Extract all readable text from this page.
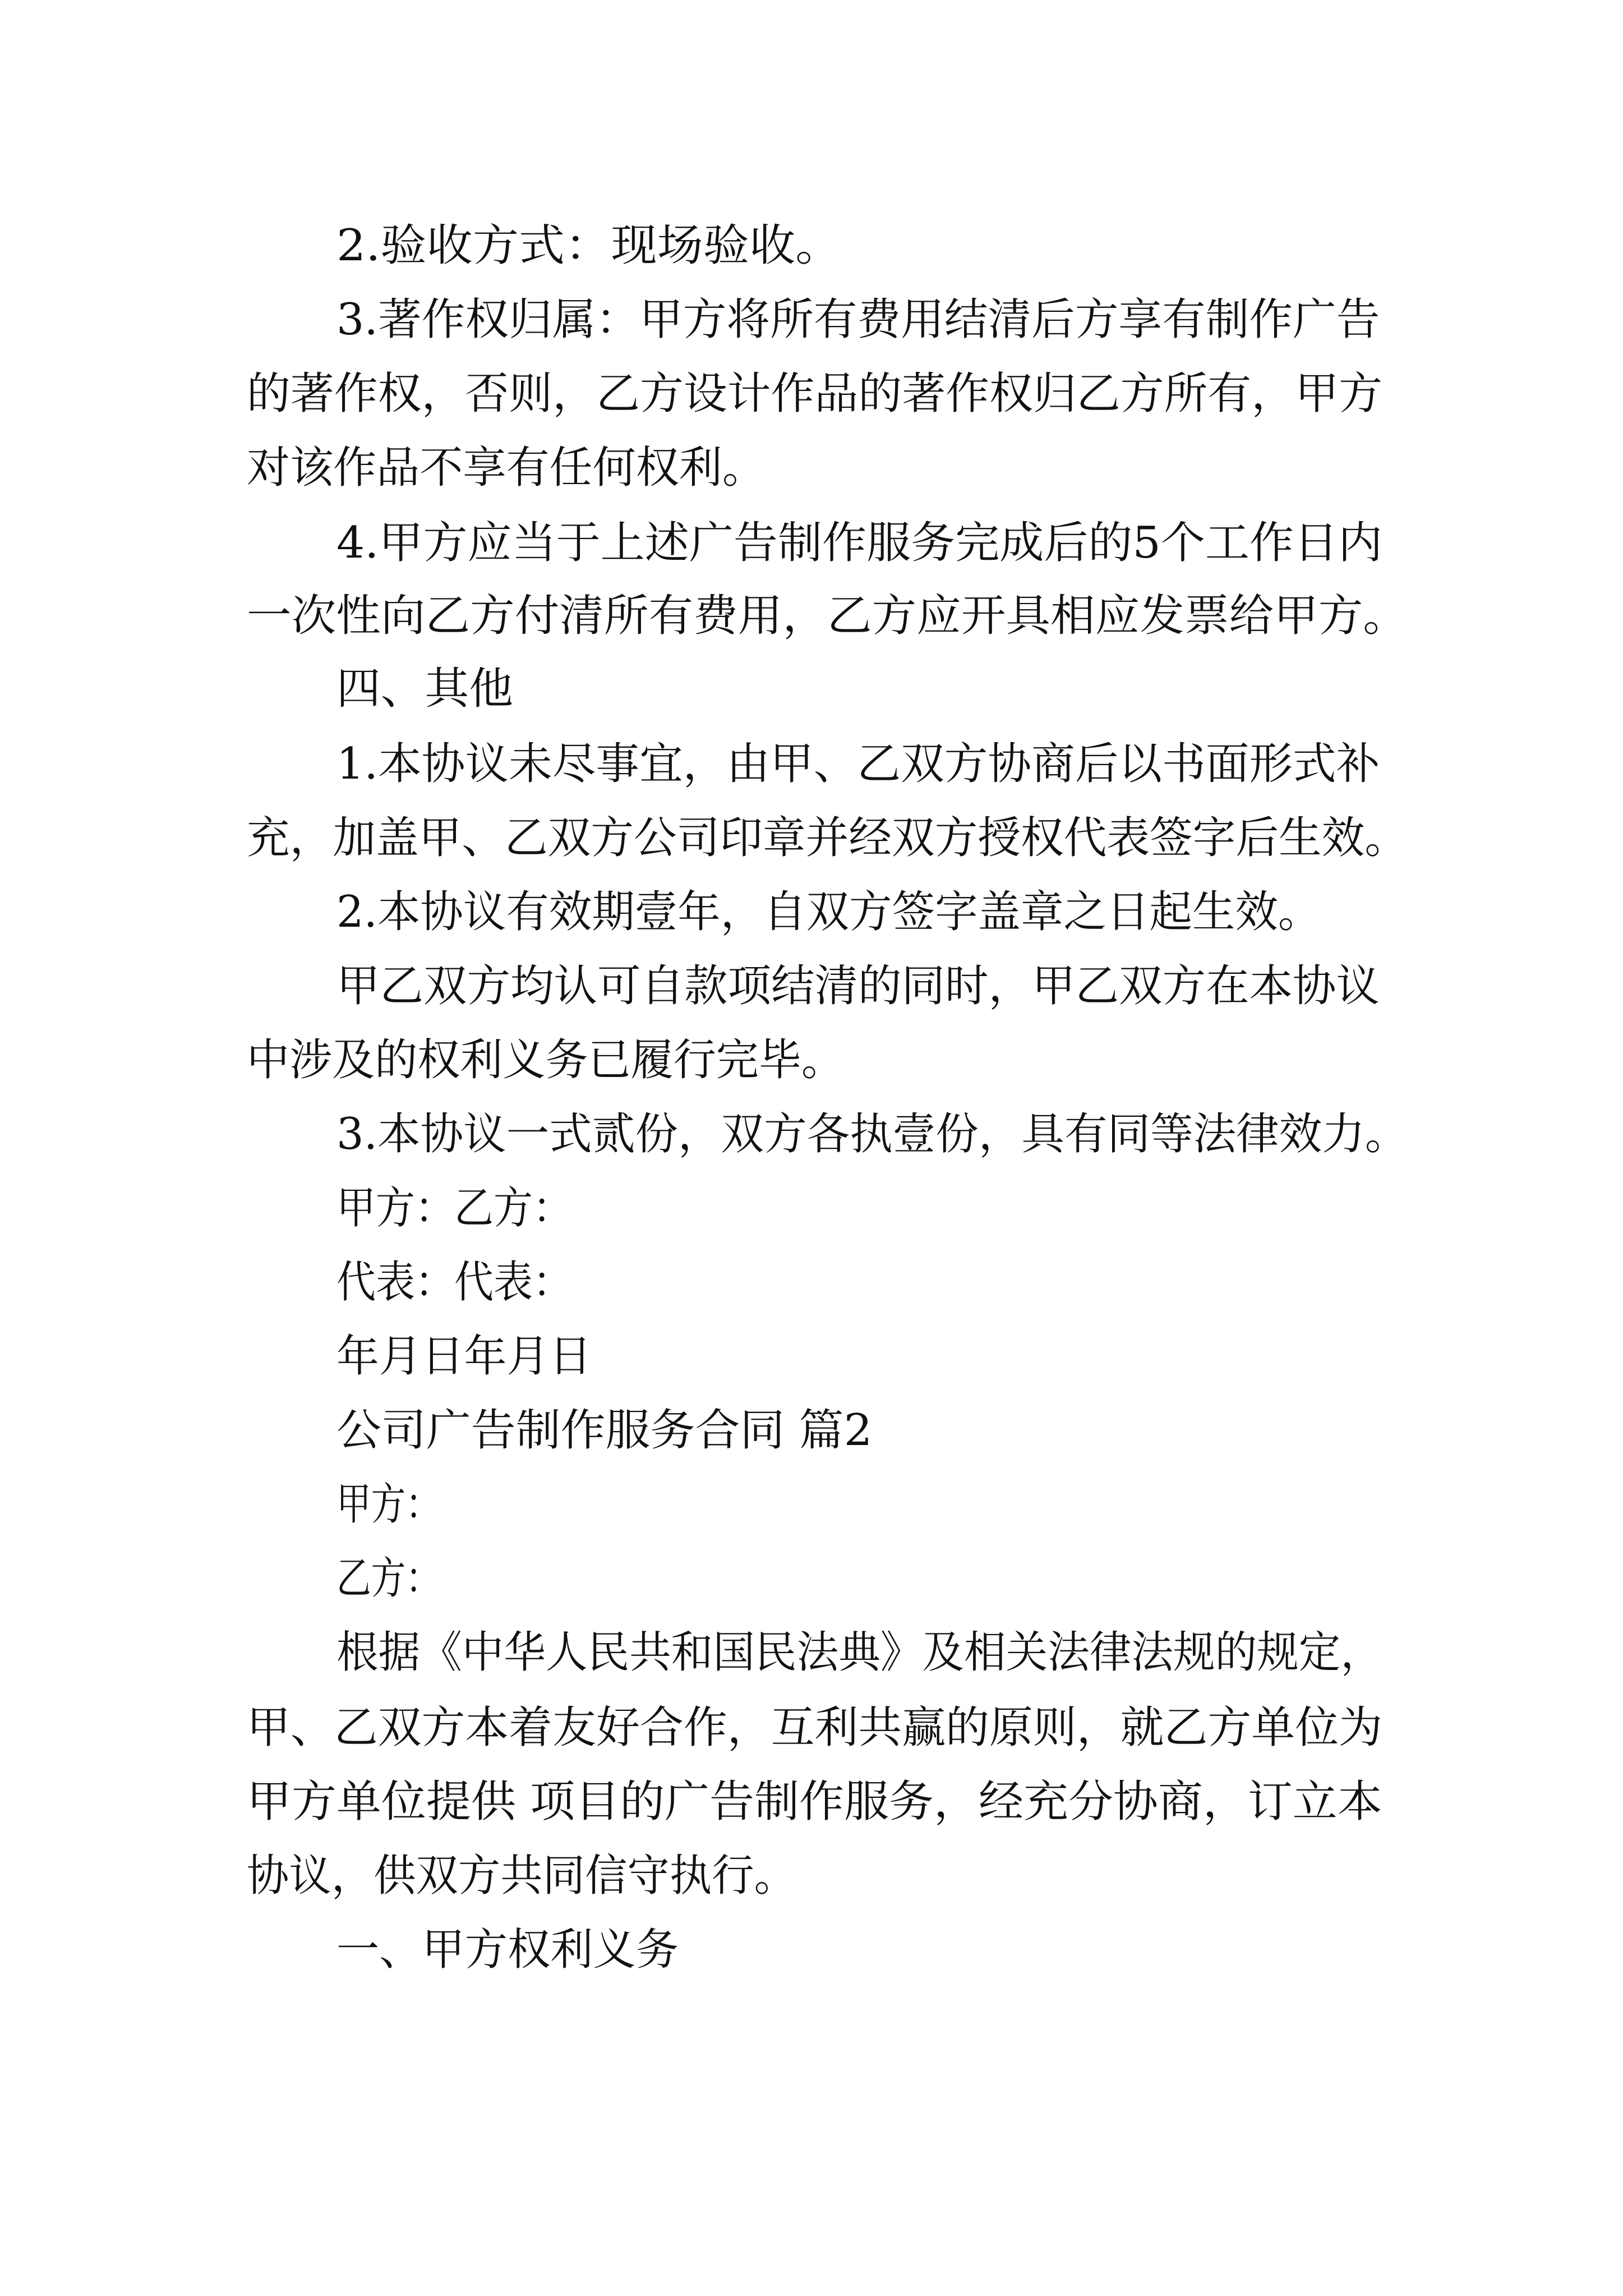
2.验收方式：现场验收。

3.著作权归属：甲方将所有费用结清后方享有制作广告

的著作权，否则，乙方设计作品的著作权归乙方所有，甲方

对该作品不享有任何权利。

4.甲方应当于上述广告制作服务完成后的5个工作日内

一次性向乙方付清所有费用，乙方应开具相应发票给甲方。

四、其他

1.本协议未尽事宜，由甲、乙双方协商后以书面形式补

充，加盖甲、乙双方公司印章并经双方授权代表签字后生效。

2.本协议有效期壹年，自双方签字盖章之日起生效。

甲乙双方均认可自款项结清的同时，甲乙双方在本协议

中涉及的权利义务已履行完毕。

3.本协议一式贰份，双方各执壹份，具有同等法律效力。

甲方：乙方：

代表：代表：

年月日年月日

公司广告制作服务合同 篇2

甲方：

乙方：

根据《中华人民共和国民法典》及相关法律法规的规定，

甲、乙双方本着友好合作，互利共赢的原则，就乙方单位为

甲方单位提供 项目的广告制作服务，经充分协商，订立本

协议，供双方共同信守执行。

一、甲方权利义务
